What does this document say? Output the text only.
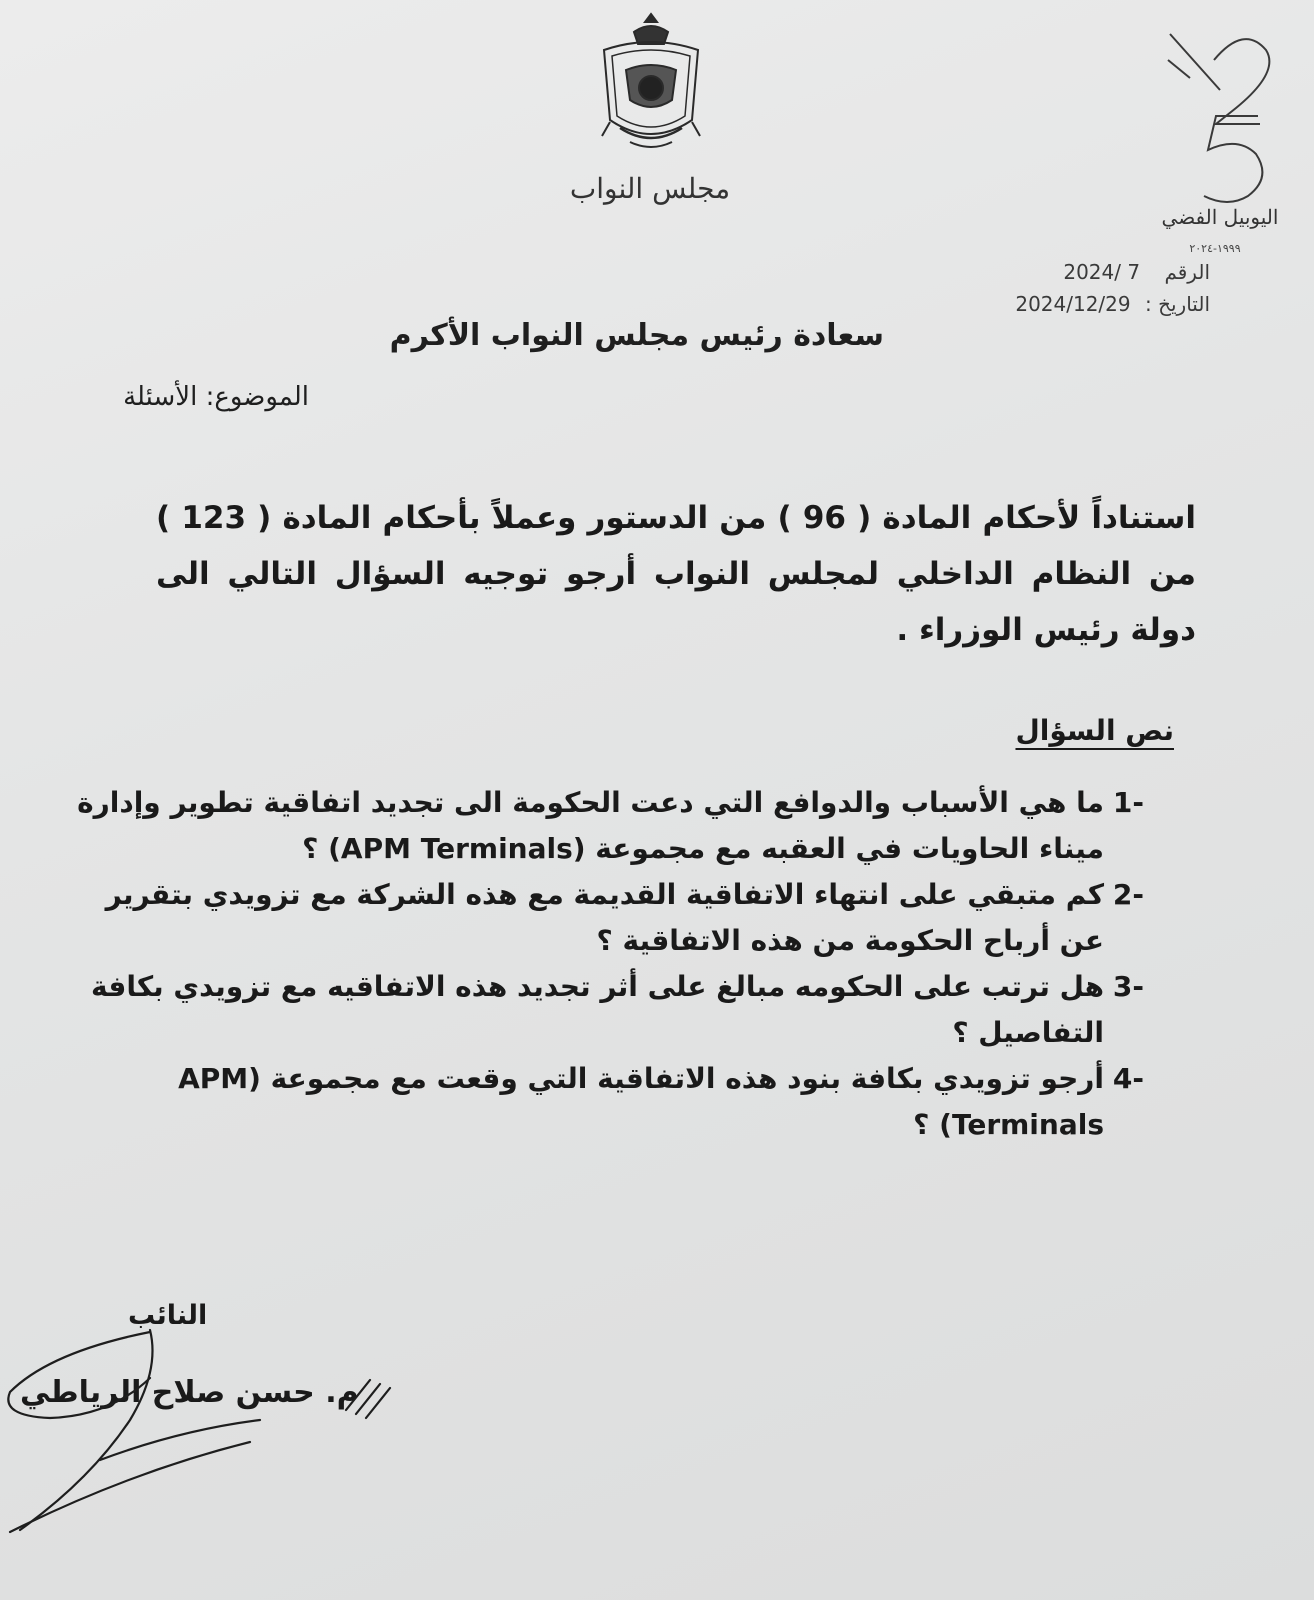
مجلس النواب
اليوبيل الفضي
١٩٩٩-٢٠٢٤
الرقم 2024/ 7
التاريخ : 2024/12/29
سعادة رئيس مجلس النواب الأكرم
الموضوع: الأسئلة
استناداً لأحكام المادة ( 96 ) من الدستور وعملاً بأحكام المادة ( 123 ) من النظام الداخلي لمجلس النواب أرجو توجيه السؤال التالي الى دولة رئيس الوزراء .
نص السؤال
1-
ما هي الأسباب والدوافع التي دعت الحكومة الى تجديد اتفاقية تطوير وإدارة ميناء الحاويات في العقبه مع مجموعة (APM Terminals) ؟
2-
كم متبقي على انتهاء الاتفاقية القديمة مع هذه الشركة مع تزويدي بتقرير عن أرباح الحكومة من هذه الاتفاقية ؟
3-
هل ترتب على الحكومه مبالغ على أثر تجديد هذه الاتفاقيه مع تزويدي بكافة التفاصيل ؟
4-
أرجو تزويدي بكافة بنود هذه الاتفاقية التي وقعت مع مجموعة (APM Terminals) ؟
النائب
م. حسن صلاح الرياطي
